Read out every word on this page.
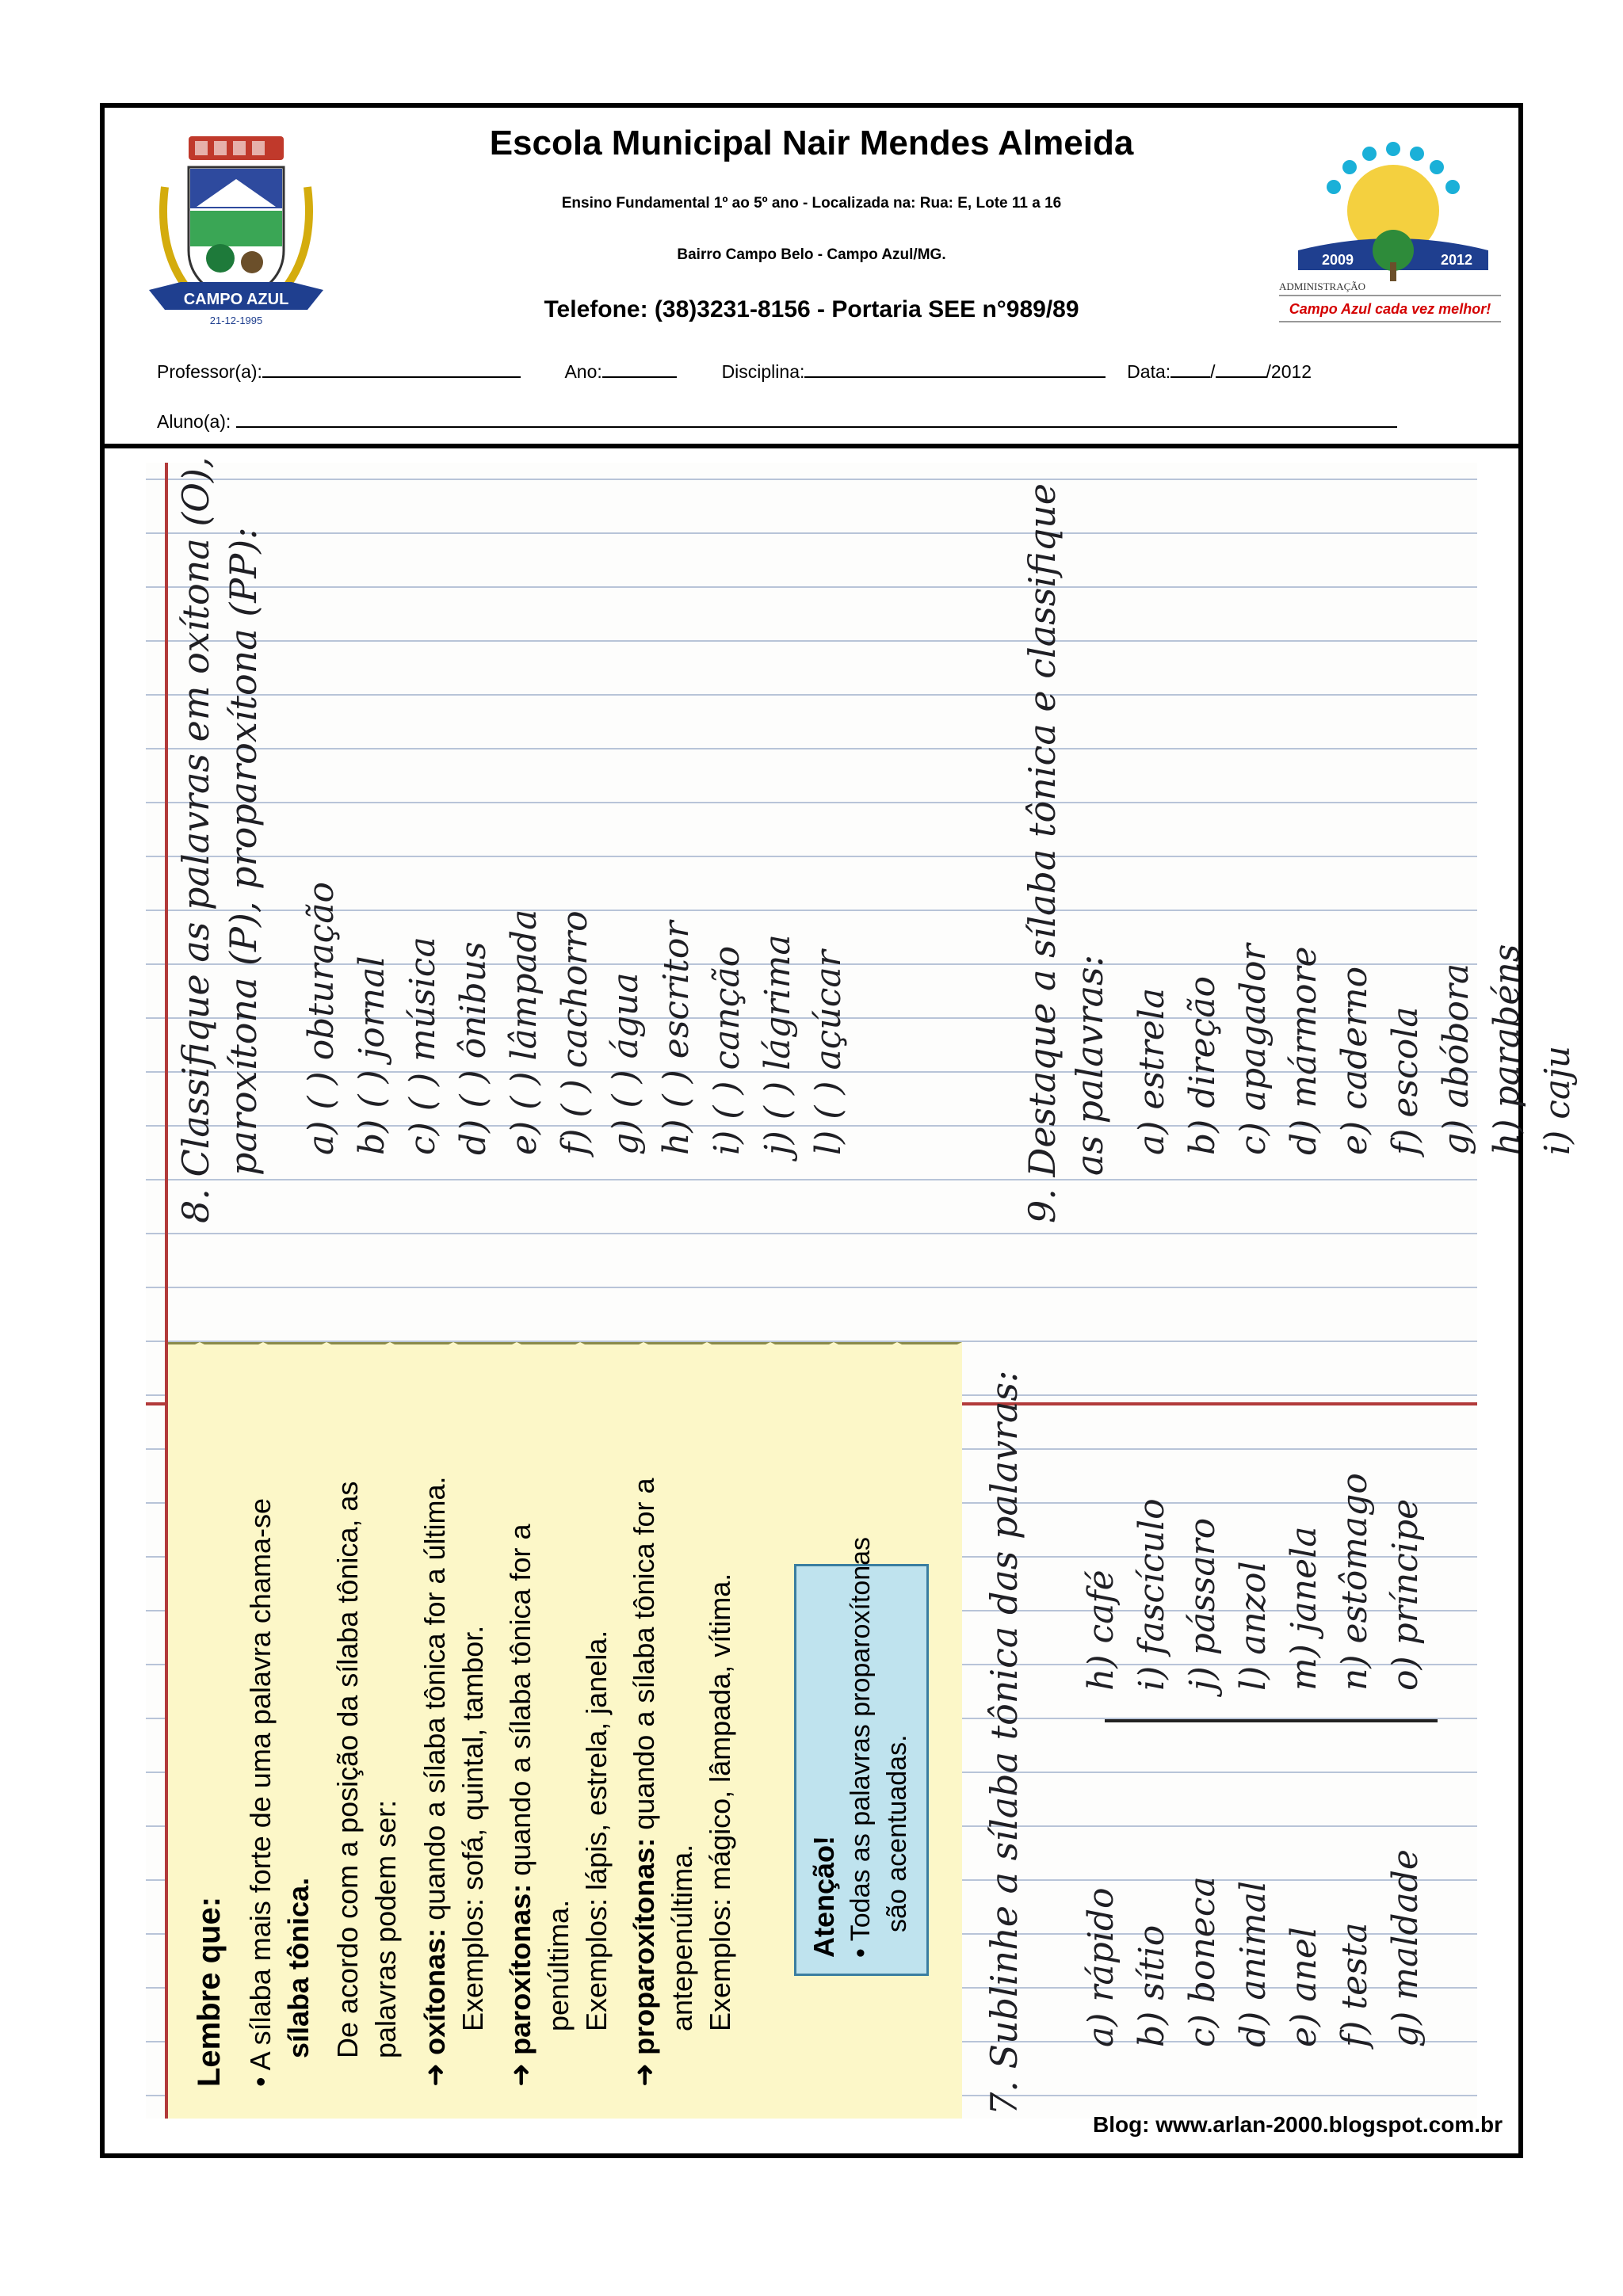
CAMPO AZUL
21-12-1995
Escola Municipal Nair Mendes Almeida
Ensino Fundamental 1º ao 5º ano - Localizada na: Rua: E, Lote 11 a 16
Bairro Campo Belo - Campo Azul/MG.
Telefone: (38)3231-8156 - Portaria SEE n°989/89
2009	2012
ADMINISTRAÇÃO
Campo Azul cada vez melhor!
Professor(a):	Ano:	Disciplina:	Data: /	/2012
Aluno(a):
Lembre que: • A sílaba mais forte de uma palavra chama-se sílaba tônica. De acordo com a posição da sílaba tônica, as palavras podem ser:
➜ oxítonas: quando a sílaba tônica for a última.
Exemplos: sofá, quintal, tambor.
➜ paroxítonas: quando a sílaba tônica for a
penúltima. Exemplos: lápis, estrela, janela.
➜ proparoxítonas: quando a sílaba tônica for a
antepenúltima. Exemplos: mágico, lâmpada, vítima.
Atenção! • Todas as palavras proparoxítonas são acentuadas. 7. Sublinhe a sílaba tônica das palavras: a) rápido b) sítio c) boneca d) animal e) anel f) testa g) maldade
h) café i) fascículo j) pássaro l) anzol m) janela n) estômago o) príncipe
8. Classifique as palavras em oxítona (O), paroxítona (P), proparoxítona (PP): a) ( ) obturação b) ( ) jornal c) ( ) música d) ( ) ônibus e) ( ) lâmpada f) ( ) cachorro g) ( ) água h) ( ) escritor i) ( ) canção j) ( ) lágrima l) ( ) açúcar	9. Destaque a sílaba tônica e classifique as palavras: a) estrela b) direção c) apagador d) mármore e) caderno f) escola g) abóbora h) parabéns i) caju
Blog: www.arlan-2000.blogspot.com.br
